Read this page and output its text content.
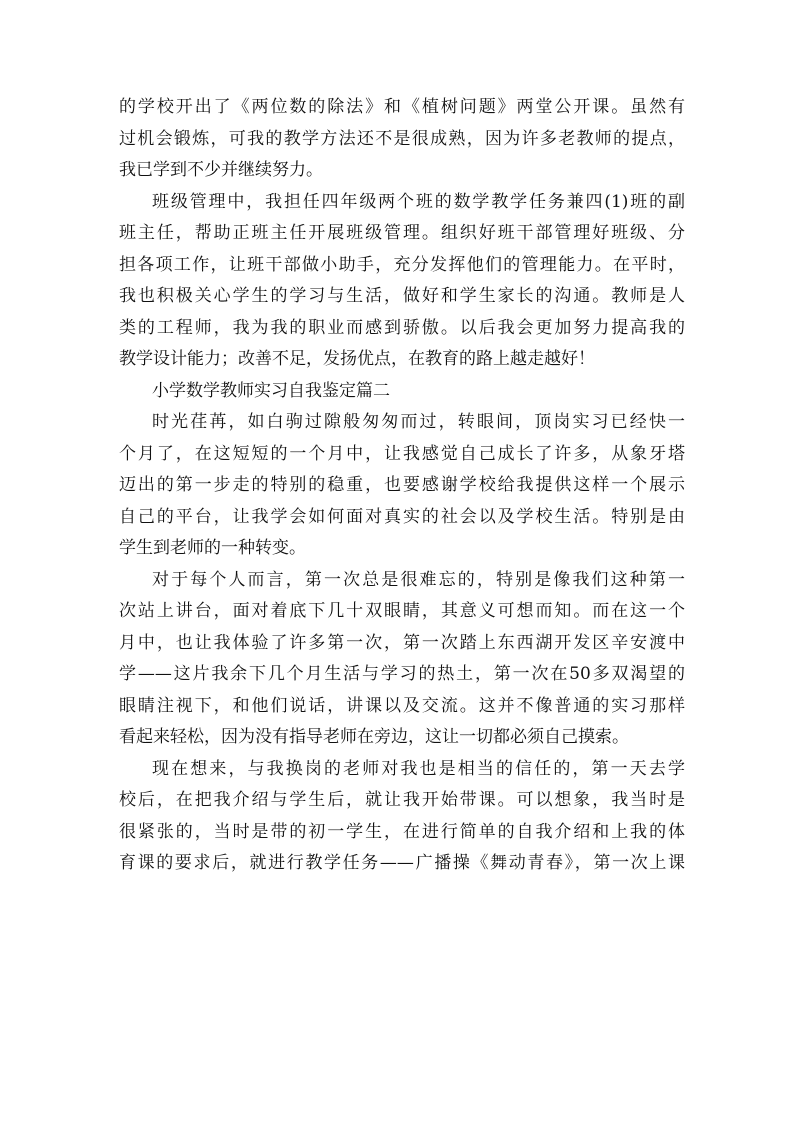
的学校开出了《两位数的除法》和《植树问题》两堂公开课。虽然有
过机会锻炼，可我的教学方法还不是很成熟，因为许多老教师的提点，
我已学到不少并继续努力。
班级管理中，我担任四年级两个班的数学教学任务兼四(1)班的副
班主任，帮助正班主任开展班级管理。组织好班干部管理好班级、分
担各项工作，让班干部做小助手，充分发挥他们的管理能力。在平时，
我也积极关心学生的学习与生活，做好和学生家长的沟通。教师是人
类的工程师，我为我的职业而感到骄傲。以后我会更加努力提高我的
教学设计能力；改善不足，发扬优点，在教育的路上越走越好！
小学数学教师实习自我鉴定篇二
时光荏苒，如白驹过隙般匆匆而过，转眼间，顶岗实习已经快一
个月了，在这短短的一个月中，让我感觉自己成长了许多，从象牙塔
迈出的第一步走的特别的稳重，也要感谢学校给我提供这样一个展示
自己的平台，让我学会如何面对真实的社会以及学校生活。特别是由
学生到老师的一种转变。
对于每个人而言，第一次总是很难忘的，特别是像我们这种第一
次站上讲台，面对着底下几十双眼睛，其意义可想而知。而在这一个
月中，也让我体验了许多第一次，第一次踏上东西湖开发区辛安渡中
学——这片我余下几个月生活与学习的热土，第一次在50多双渴望的
眼睛注视下，和他们说话，讲课以及交流。这并不像普通的实习那样
看起来轻松，因为没有指导老师在旁边，这让一切都必须自己摸索。
现在想来，与我换岗的老师对我也是相当的信任的，第一天去学
校后，在把我介绍与学生后，就让我开始带课。可以想象，我当时是
很紧张的，当时是带的初一学生，在进行简单的自我介绍和上我的体
育课的要求后，就进行教学任务——广播操《舞动青春》，第一次上课
